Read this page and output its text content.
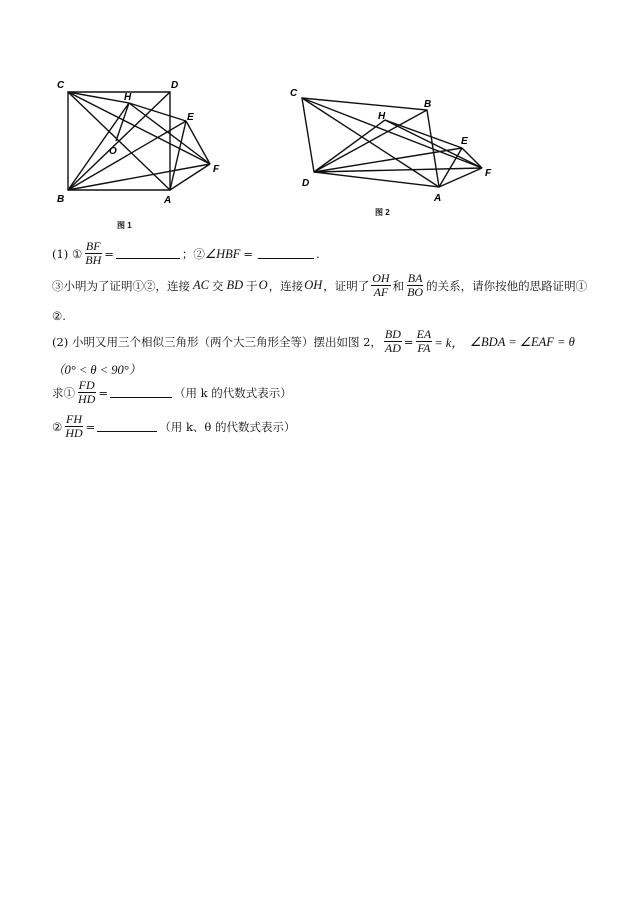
C	D
H
O
E
F
B	A
图 1
C
B
H
E
F
D
A
图 2
(1) ① $\frac{BF}{BH}$ =	；② ∠HBF =	.
③小明为了证明①②，连接 AC 交 BD 于 O ，连接 OH ，证明了 $\frac{OH}{AF}$ 和 $\frac{BA}{BO}$ 的关系，请你按他的思路证明①
②.
(2) 小明又用三个相似三角形（两个大三角形全等）摆出如图 2， $\frac{BD}{AD} = \frac{EA}{FA} = k$， ∠BDA = ∠EAF = θ
（0° < θ < 90°）
求① $\frac{FD}{HD}$ =	（用 k 的代数式表示）
② $\frac{FH}{HD}$ =	（用 k、θ 的代数式表示）
